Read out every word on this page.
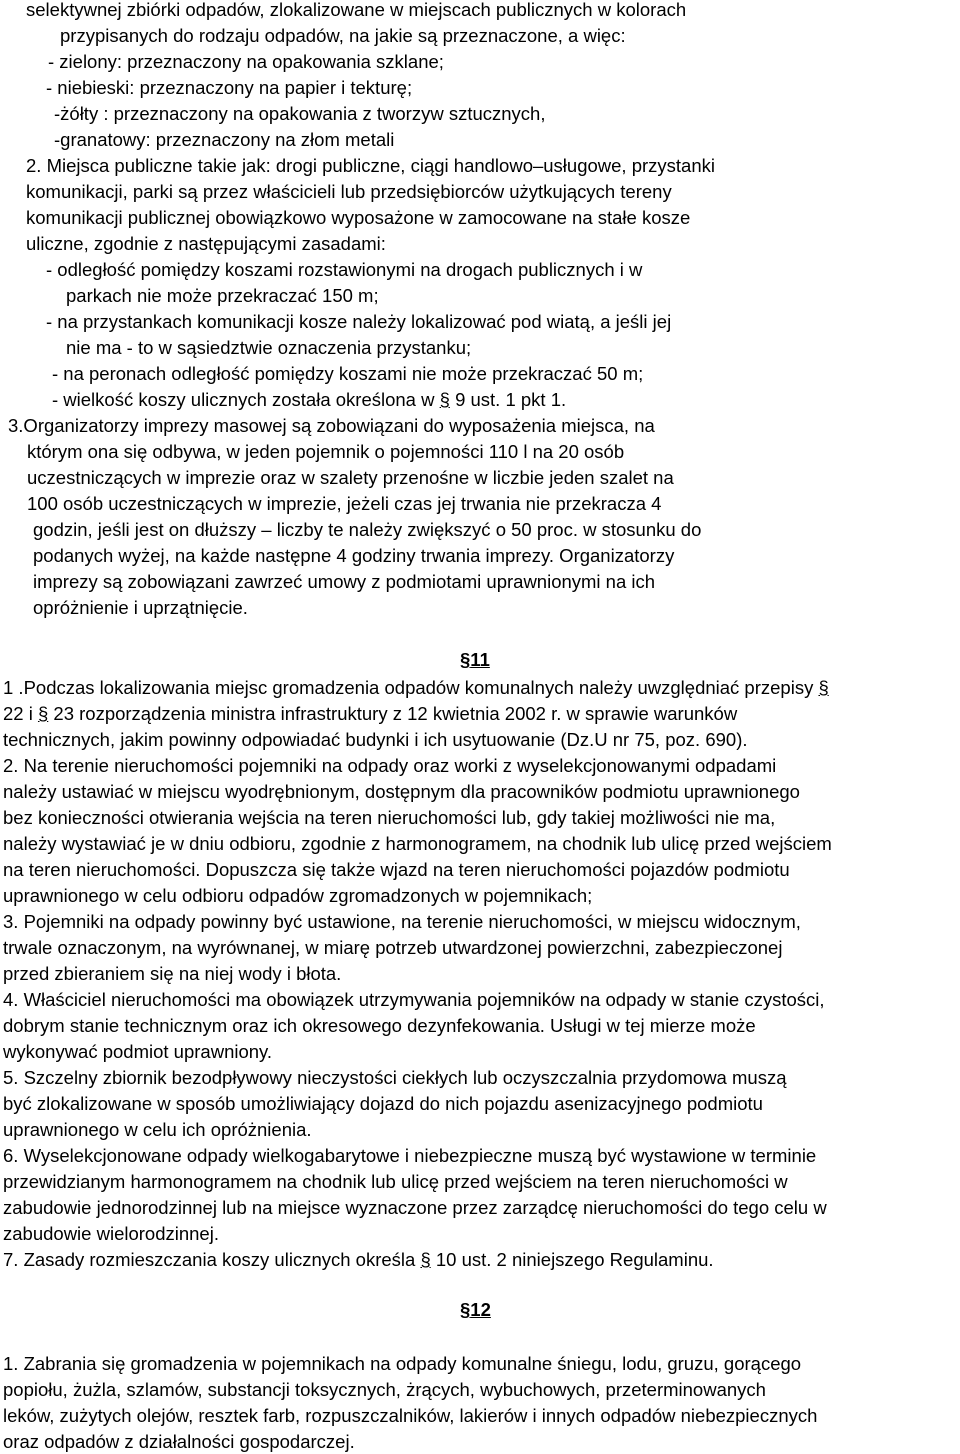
selektywnej zbiórki odpadów, zlokalizowane w miejscach publicznych w kolorach
przypisanych do rodzaju odpadów, na jakie są przeznaczone, a więc:
- zielony: przeznaczony na opakowania szklane;
- niebieski: przeznaczony na papier i tekturę;
-żółty : przeznaczony na opakowania z tworzyw sztucznych,
-granatowy: przeznaczony na złom metali
2. Miejsca publiczne takie jak: drogi publiczne, ciągi handlowo–usługowe, przystanki
komunikacji, parki są przez właścicieli lub przedsiębiorców użytkujących tereny
komunikacji publicznej obowiązkowo wyposażone w zamocowane na stałe kosze
uliczne, zgodnie z następującymi zasadami:
- odległość pomiędzy koszami rozstawionymi na drogach publicznych i w
parkach nie może przekraczać 150 m;
- na przystankach komunikacji kosze należy lokalizować pod wiatą, a jeśli jej
nie ma - to w sąsiedztwie oznaczenia przystanku;
- na peronach odległość pomiędzy koszami nie może przekraczać 50 m;
- wielkość koszy ulicznych została określona w § 9 ust. 1 pkt 1.
3.Organizatorzy imprezy masowej są zobowiązani do wyposażenia miejsca, na
którym ona się odbywa, w jeden pojemnik o pojemności 110 l na 20 osób
uczestniczących w imprezie oraz w szalety przenośne w liczbie jeden szalet na
100 osób uczestniczących w imprezie, jeżeli czas jej trwania nie przekracza 4
godzin, jeśli jest on dłuższy – liczby te należy zwiększyć o 50 proc. w stosunku do
podanych wyżej, na każde następne 4 godziny trwania imprezy. Organizatorzy
imprezy są zobowiązani zawrzeć umowy z podmiotami uprawnionymi na ich
opróżnienie i uprzątnięcie.
§11
1 .Podczas lokalizowania miejsc gromadzenia odpadów komunalnych należy uwzględniać przepisy §
22 i § 23 rozporządzenia ministra infrastruktury z 12 kwietnia 2002 r. w sprawie warunków
technicznych, jakim powinny odpowiadać budynki i ich usytuowanie (Dz.U nr 75, poz. 690).
2. Na terenie nieruchomości pojemniki na odpady oraz worki z wyselekcjonowanymi odpadami
należy ustawiać w miejscu wyodrębnionym, dostępnym dla pracowników podmiotu uprawnionego
bez konieczności otwierania wejścia na teren nieruchomości lub, gdy takiej możliwości nie ma,
należy wystawiać je w dniu odbioru, zgodnie z harmonogramem, na chodnik lub ulicę przed wejściem
na teren nieruchomości. Dopuszcza się także wjazd na teren nieruchomości pojazdów podmiotu
uprawnionego w celu odbioru odpadów zgromadzonych w pojemnikach;
3. Pojemniki na odpady powinny być ustawione, na terenie nieruchomości, w miejscu widocznym,
trwale oznaczonym, na wyrównanej, w miarę potrzeb utwardzonej powierzchni, zabezpieczonej
przed zbieraniem się na niej wody i błota.
4. Właściciel nieruchomości ma obowiązek utrzymywania pojemników na odpady w stanie czystości,
dobrym stanie technicznym oraz ich okresowego dezynfekowania. Usługi w tej mierze może
wykonywać podmiot uprawniony.
5. Szczelny zbiornik bezodpływowy nieczystości ciekłych lub oczyszczalnia przydomowa muszą
być zlokalizowane w sposób umożliwiający dojazd do nich pojazdu asenizacyjnego podmiotu
uprawnionego w celu ich opróżnienia.
6. Wyselekcjonowane odpady wielkogabarytowe i niebezpieczne muszą być wystawione w terminie
przewidzianym harmonogramem na chodnik lub ulicę przed wejściem na teren nieruchomości w
zabudowie jednorodzinnej lub na miejsce wyznaczone przez zarządcę nieruchomości do tego celu w
zabudowie wielorodzinnej.
7. Zasady rozmieszczania koszy ulicznych określa § 10 ust. 2 niniejszego Regulaminu.
§12
1. Zabrania się gromadzenia w pojemnikach na odpady komunalne śniegu, lodu, gruzu, gorącego
popiołu, żużla, szlamów, substancji toksycznych, żrących, wybuchowych, przeterminowanych
leków, zużytych olejów, resztek farb, rozpuszczalników, lakierów i innych odpadów niebezpiecznych
oraz odpadów z działalności gospodarczej.
